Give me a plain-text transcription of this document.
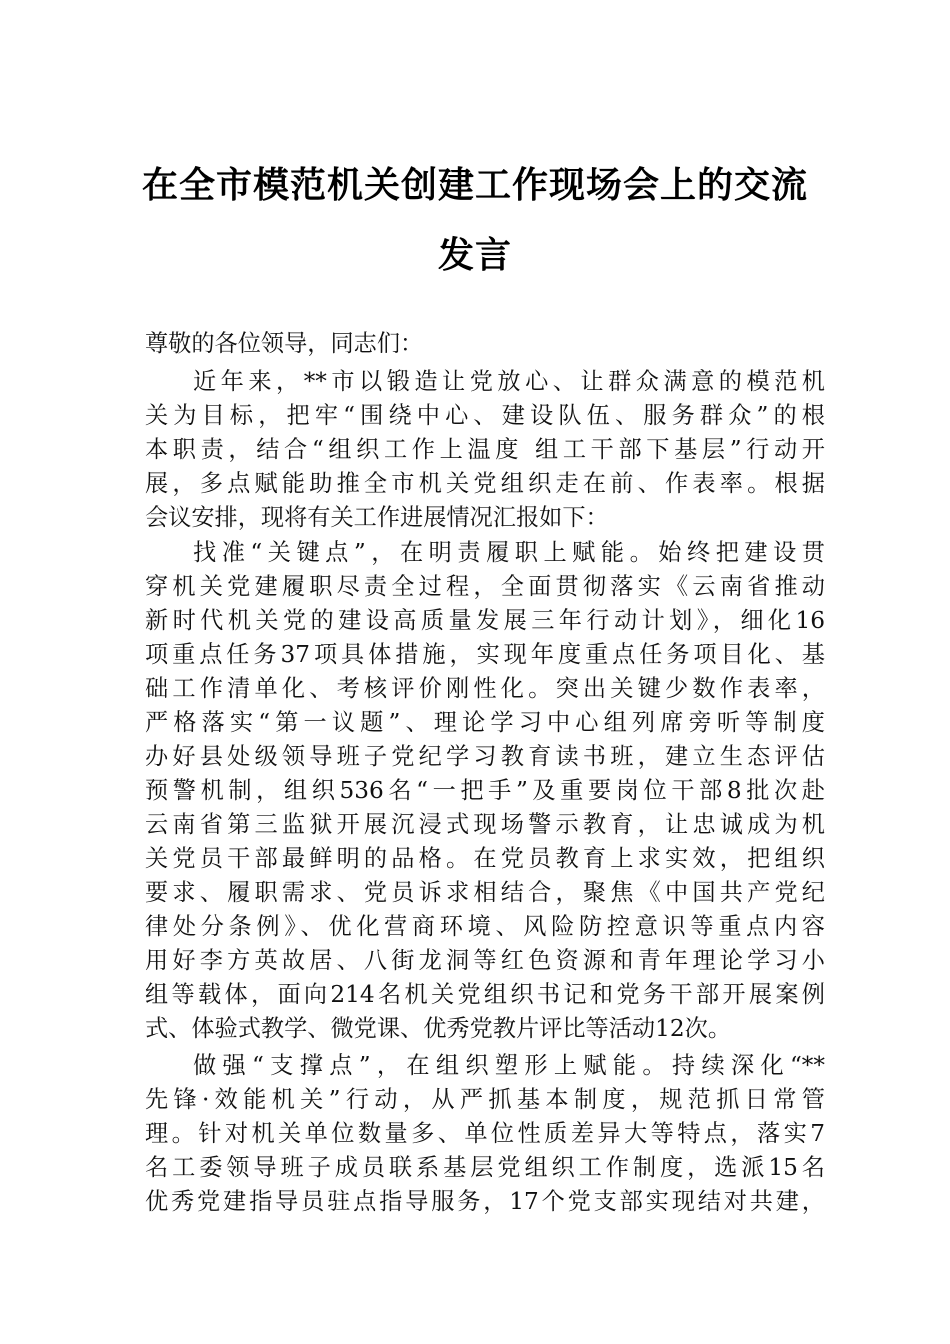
在全市模范机关创建工作现场会上的交流
发言
尊敬的各位领导，同志们：
近年来，**市以锻造让党放心、让群众满意的模范机
关为目标，把牢“围绕中心、建设队伍、服务群众”的根
本职责，结合“组织工作上温度 组工干部下基层”行动开
展，多点赋能助推全市机关党组织走在前、作表率。根据
会议安排，现将有关工作进展情况汇报如下：
找准“关键点”，在明责履职上赋能。始终把建设贯
穿机关党建履职尽责全过程，全面贯彻落实《云南省推动
新时代机关党的建设高质量发展三年行动计划》，细化16
项重点任务37项具体措施，实现年度重点任务项目化、基
础工作清单化、考核评价刚性化。突出关键少数作表率，
严格落实“第一议题”、理论学习中心组列席旁听等制度
办好县处级领导班子党纪学习教育读书班，建立生态评估
预警机制，组织536名“一把手”及重要岗位干部8批次赴
云南省第三监狱开展沉浸式现场警示教育，让忠诚成为机
关党员干部最鲜明的品格。在党员教育上求实效，把组织
要求、履职需求、党员诉求相结合，聚焦《中国共产党纪
律处分条例》、优化营商环境、风险防控意识等重点内容
用好李方英故居、八街龙洞等红色资源和青年理论学习小
组等载体，面向214名机关党组织书记和党务干部开展案例
式、体验式教学、微党课、优秀党教片评比等活动12次。
做强“支撑点”，在组织塑形上赋能。持续深化“**
先锋·效能机关”行动，从严抓基本制度，规范抓日常管
理。针对机关单位数量多、单位性质差异大等特点，落实7
名工委领导班子成员联系基层党组织工作制度，选派15名
优秀党建指导员驻点指导服务，17个党支部实现结对共建，
